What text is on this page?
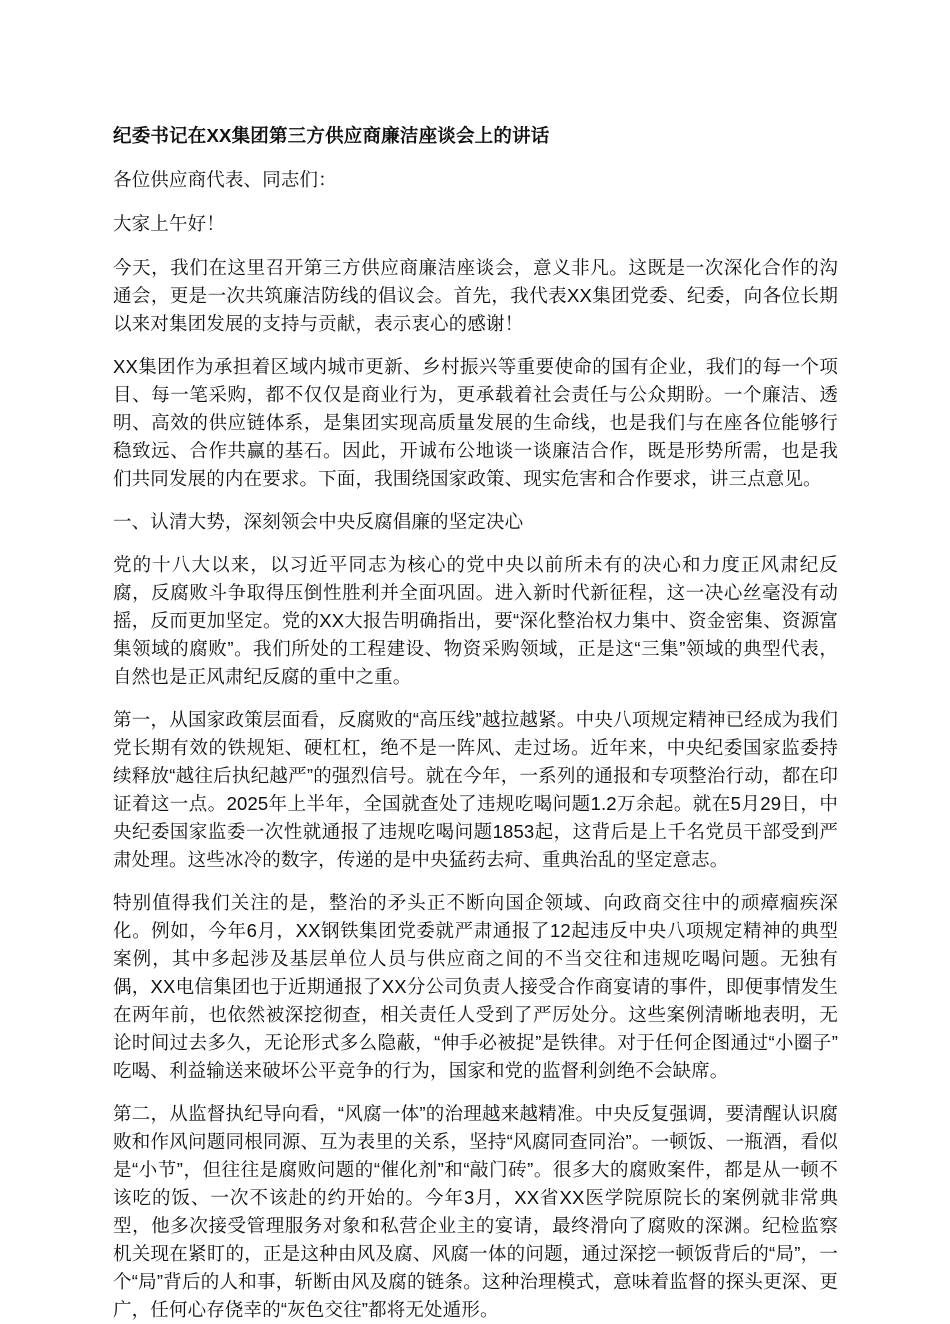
纪委书记在XX集团第三方供应商廉洁座谈会上的讲话

各位供应商代表、同志们：

大家上午好！

今天，我们在这里召开第三方供应商廉洁座谈会，意义非凡。这既是一次深化合作的沟通会，更是一次共筑廉洁防线的倡议会。首先，我代表XX集团党委、纪委，向各位长期以来对集团发展的支持与贡献，表示衷心的感谢！

XX集团作为承担着区域内城市更新、乡村振兴等重要使命的国有企业，我们的每一个项目、每一笔采购，都不仅仅是商业行为，更承载着社会责任与公众期盼。一个廉洁、透明、高效的供应链体系，是集团实现高质量发展的生命线，也是我们与在座各位能够行稳致远、合作共赢的基石。因此，开诚布公地谈一谈廉洁合作，既是形势所需，也是我们共同发展的内在要求。下面，我围绕国家政策、现实危害和合作要求，讲三点意见。

一、认清大势，深刻领会中央反腐倡廉的坚定决心

党的十八大以来，以习近平同志为核心的党中央以前所未有的决心和力度正风肃纪反腐，反腐败斗争取得压倒性胜利并全面巩固。进入新时代新征程，这一决心丝毫没有动摇，反而更加坚定。党的XX大报告明确指出，要“深化整治权力集中、资金密集、资源富集领域的腐败”。我们所处的工程建设、物资采购领域，正是这“三集”领域的典型代表，自然也是正风肃纪反腐的重中之重。

第一，从国家政策层面看，反腐败的“高压线”越拉越紧。中央八项规定精神已经成为我们党长期有效的铁规矩、硬杠杠，绝不是一阵风、走过场。近年来，中央纪委国家监委持续释放“越往后执纪越严”的强烈信号。就在今年，一系列的通报和专项整治行动，都在印证着这一点。2025年上半年，全国就查处了违规吃喝问题1.2万余起。就在5月29日，中央纪委国家监委一次性就通报了违规吃喝问题1853起，这背后是上千名党员干部受到严肃处理。这些冰冷的数字，传递的是中央猛药去疴、重典治乱的坚定意志。

特别值得我们关注的是，整治的矛头正不断向国企领域、向政商交往中的顽瘴痼疾深化。例如，今年6月，XX钢铁集团党委就严肃通报了12起违反中央八项规定精神的典型案例，其中多起涉及基层单位人员与供应商之间的不当交往和违规吃喝问题。无独有偶，XX电信集团也于近期通报了XX分公司负责人接受合作商宴请的事件，即便事情发生在两年前，也依然被深挖彻查，相关责任人受到了严厉处分。这些案例清晰地表明，无论时间过去多久，无论形式多么隐蔽，“伸手必被捉”是铁律。对于任何企图通过“小圈子”吃喝、利益输送来破坏公平竞争的行为，国家和党的监督利剑绝不会缺席。

第二，从监督执纪导向看，“风腐一体”的治理越来越精准。中央反复强调，要清醒认识腐败和作风问题同根同源、互为表里的关系，坚持“风腐同查同治”。一顿饭、一瓶酒，看似是“小节”，但往往是腐败问题的“催化剂”和“敲门砖”。很多大的腐败案件，都是从一顿不该吃的饭、一次不该赴的约开始的。今年3月，XX省XX医学院原院长的案例就非常典型，他多次接受管理服务对象和私营企业主的宴请，最终滑向了腐败的深渊。纪检监察机关现在紧盯的，正是这种由风及腐、风腐一体的问题，通过深挖一顿饭背后的“局”，一个“局”背后的人和事，斩断由风及腐的链条。这种治理模式，意味着监督的探头更深、更广，任何心存侥幸的“灰色交往”都将无处遁形。
